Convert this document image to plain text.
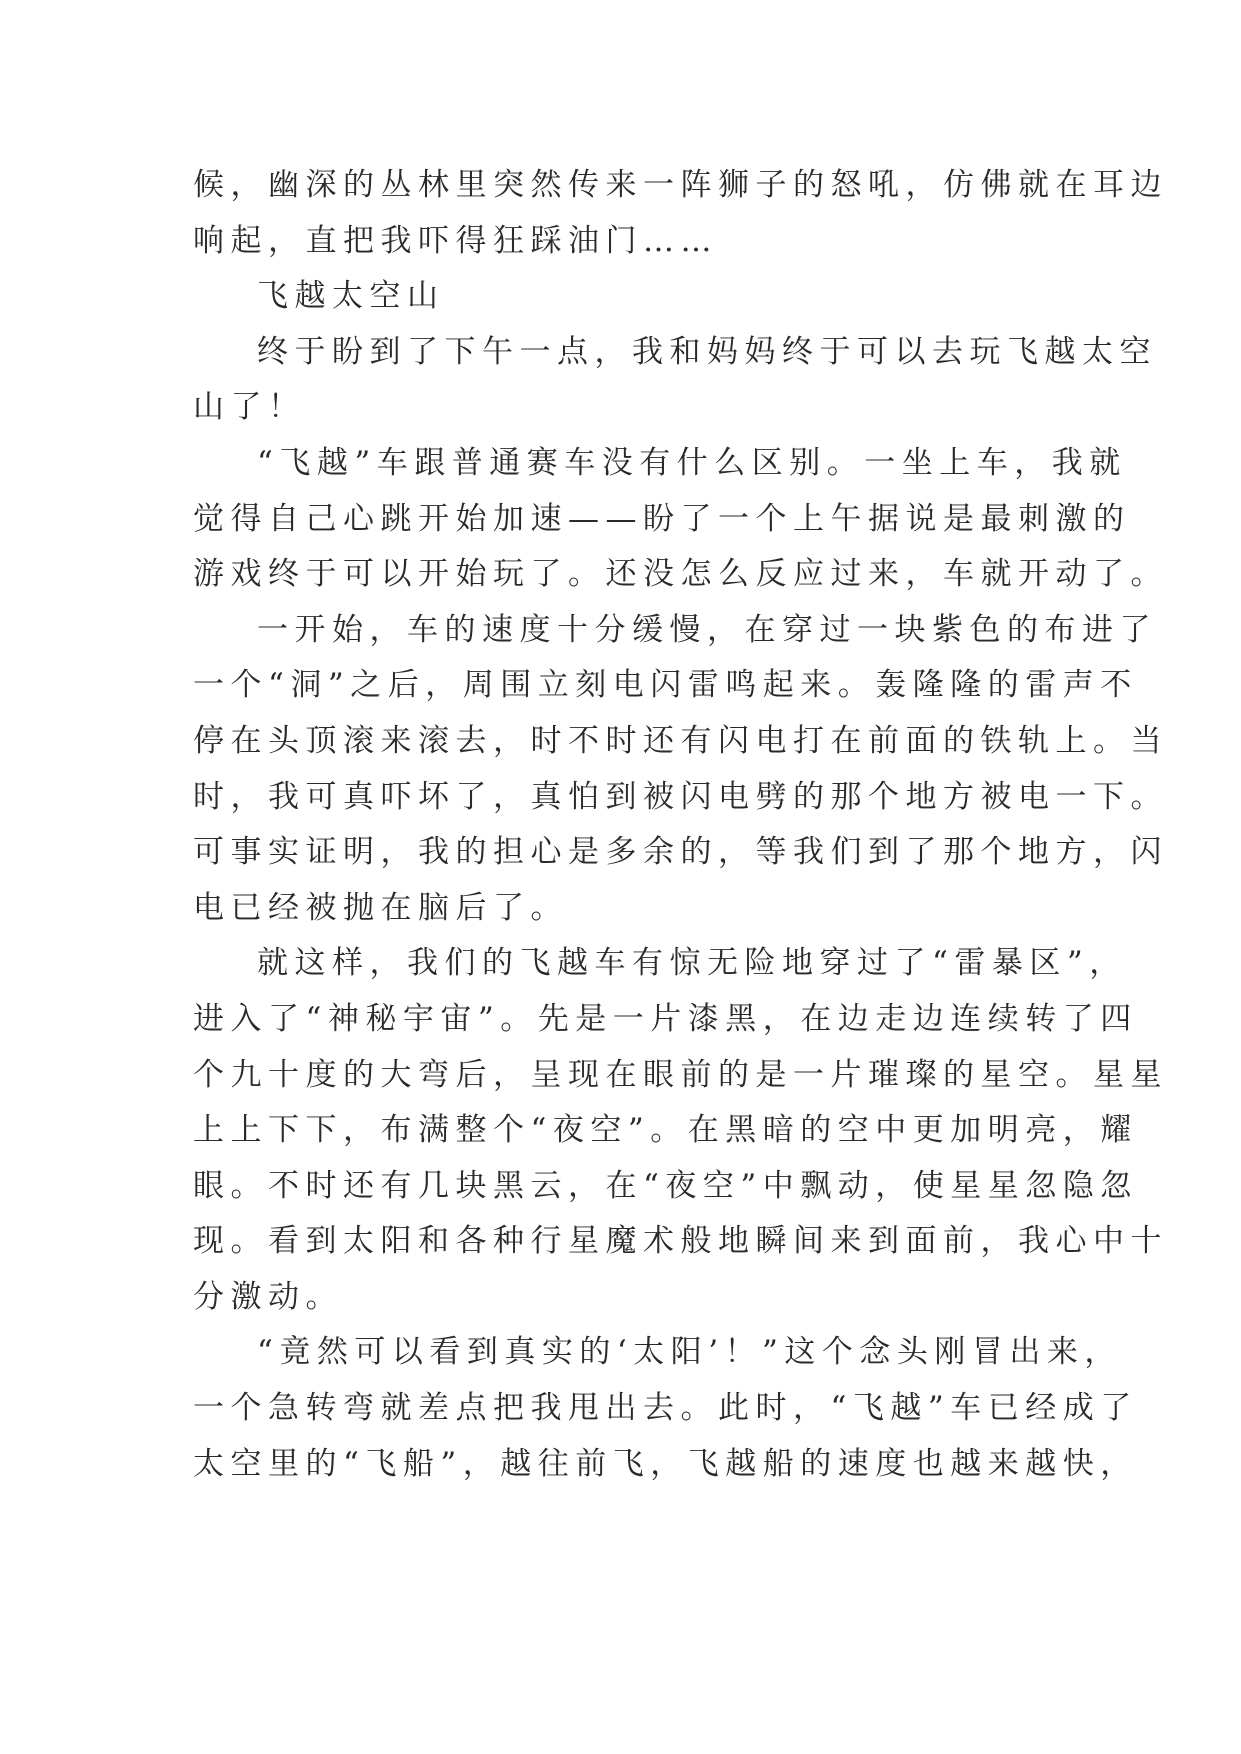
候，幽深的丛林里突然传来一阵狮子的怒吼，仿佛就在耳边
响起，直把我吓得狂踩油门……
飞越太空山
终于盼到了下午一点，我和妈妈终于可以去玩飞越太空
山了！
“飞越”车跟普通赛车没有什么区别。一坐上车，我就
觉得自己心跳开始加速——盼了一个上午据说是最刺激的
游戏终于可以开始玩了。还没怎么反应过来，车就开动了。
一开始，车的速度十分缓慢，在穿过一块紫色的布进了
一个“洞”之后，周围立刻电闪雷鸣起来。轰隆隆的雷声不
停在头顶滚来滚去，时不时还有闪电打在前面的铁轨上。当
时，我可真吓坏了，真怕到被闪电劈的那个地方被电一下。
可事实证明，我的担心是多余的，等我们到了那个地方，闪
电已经被抛在脑后了。
就这样，我们的飞越车有惊无险地穿过了“雷暴区”，
进入了“神秘宇宙”。先是一片漆黑，在边走边连续转了四
个九十度的大弯后，呈现在眼前的是一片璀璨的星空。星星
上上下下，布满整个“夜空”。在黑暗的空中更加明亮，耀
眼。不时还有几块黑云，在“夜空”中飘动，使星星忽隐忽
现。看到太阳和各种行星魔术般地瞬间来到面前，我心中十
分激动。
“竟然可以看到真实的‘太阳’！”这个念头刚冒出来，
一个急转弯就差点把我甩出去。此时，“飞越”车已经成了
太空里的“飞船”，越往前飞，飞越船的速度也越来越快，
